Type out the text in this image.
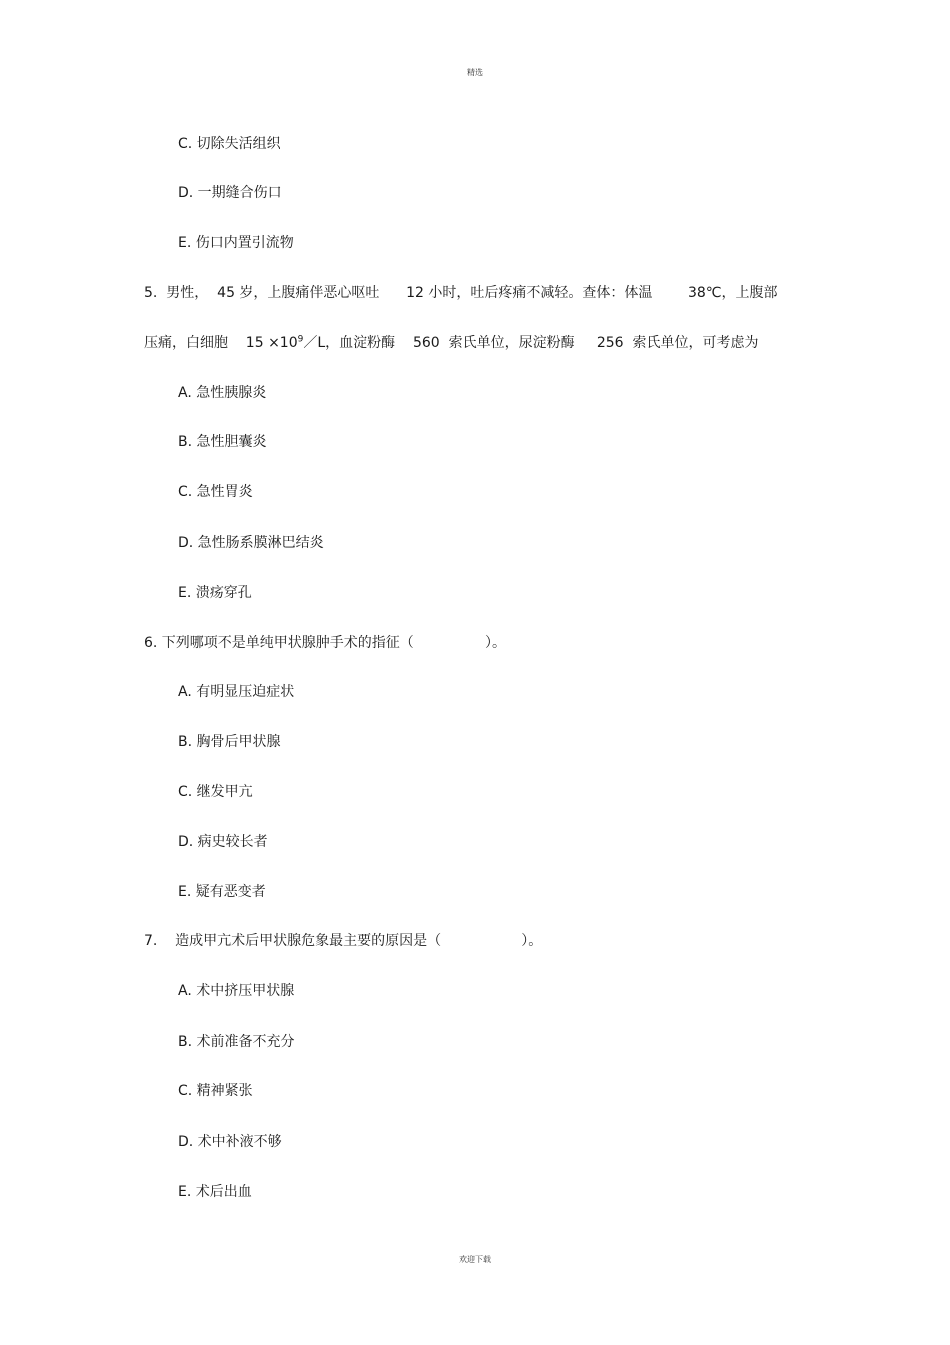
精选
C. 切除失活组织
D. 一期缝合伤口
E. 伤口内置引流物
5.  男性，  45 岁，上腹痛伴恶心呕吐      12 小时，吐后疼痛不减轻。查体：体温        38℃，上腹部
压痛，白细胞    $15 \times 10^9/L$，血淀粉酶    560  索氏单位，尿淀粉酶     256  索氏单位，可考虑为
A. 急性胰腺炎
B. 急性胆囊炎
C. 急性胃炎
D. 急性肠系膜淋巴结炎
E. 溃疡穿孔
6. 下列哪项不是单纯甲状腺肿手术的指征（                ）。
A. 有明显压迫症状
B. 胸骨后甲状腺
C. 继发甲亢
D. 病史较长者
E. 疑有恶变者
7.    造成甲亢术后甲状腺危象最主要的原因是（                  ）。
A. 术中挤压甲状腺
B. 术前准备不充分
C. 精神紧张
D. 术中补液不够
E. 术后出血
欢迎下载
